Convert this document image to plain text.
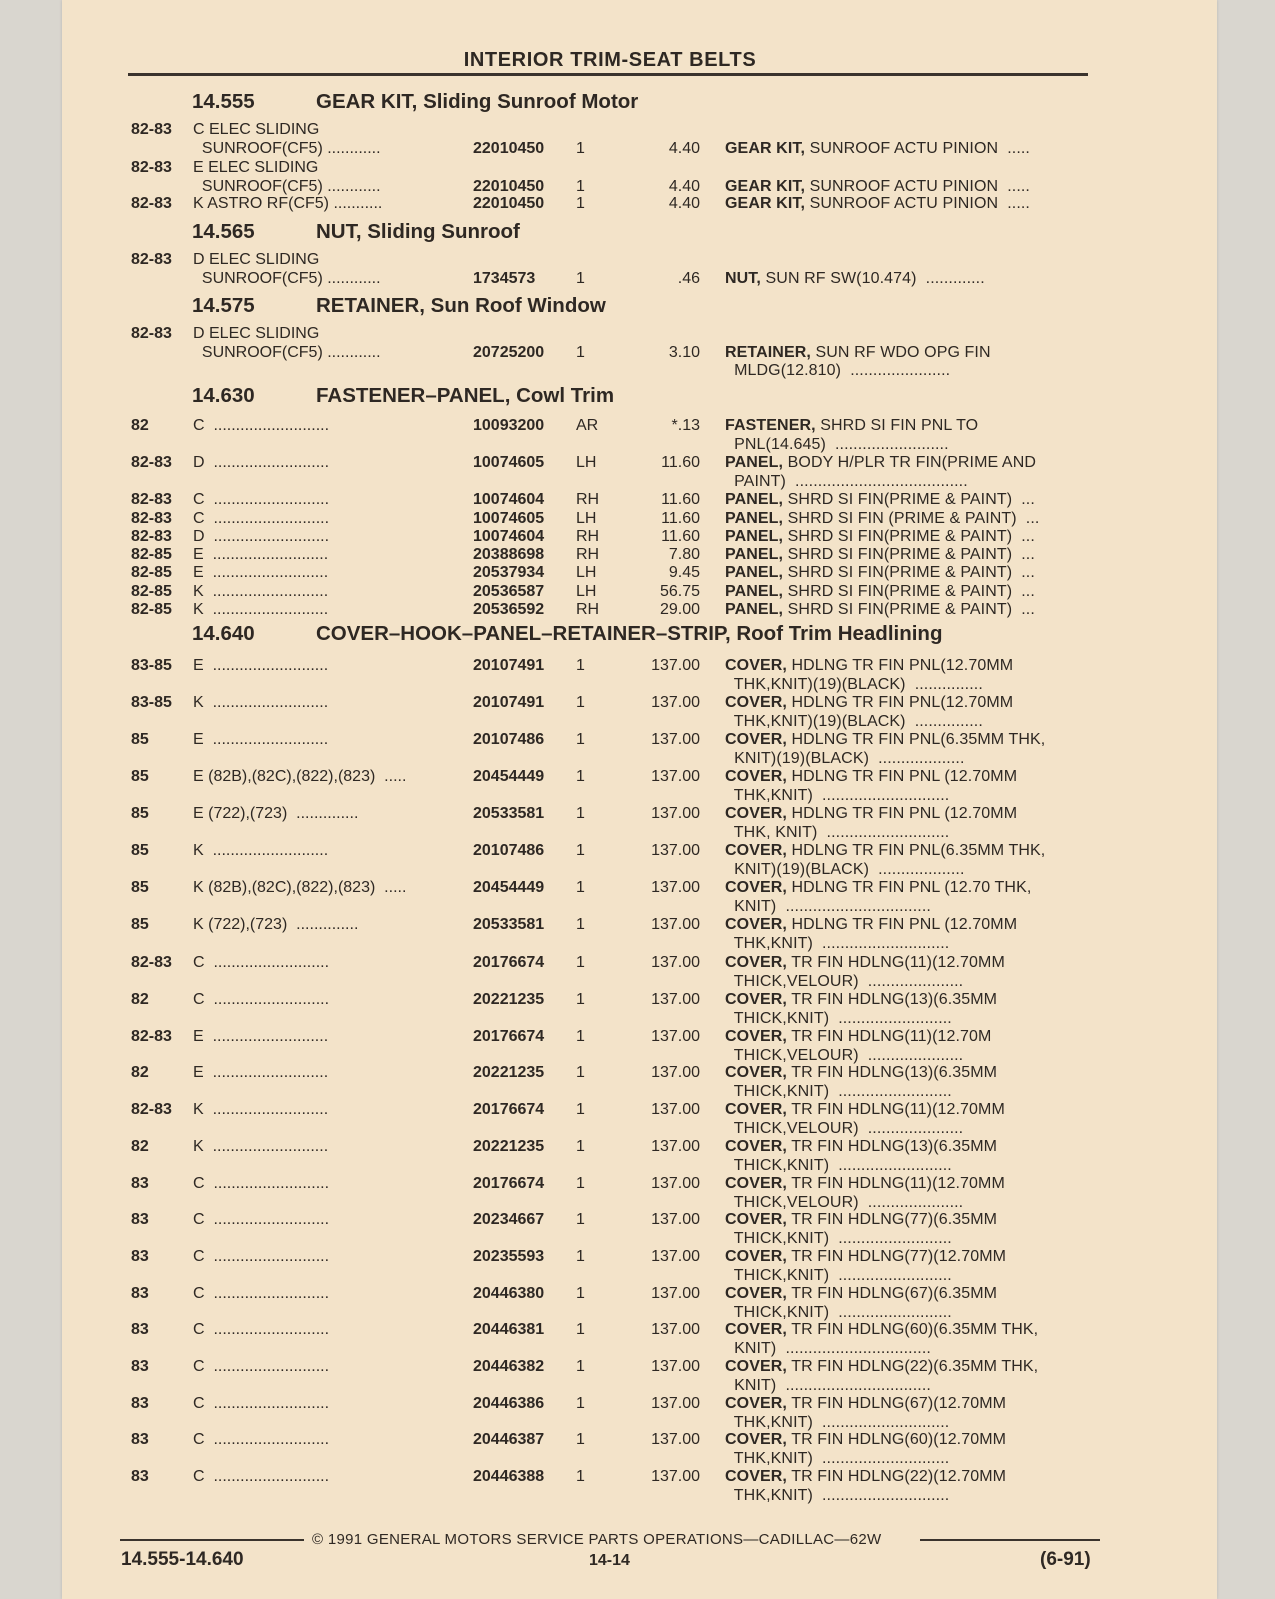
INTERIOR TRIM-SEAT BELTS
14.555	GEAR KIT, Sliding Sunroof Motor
82-83 C ELEC SLIDING
SUNROOF(CF5) ............	22010450 1	4.40 GEAR KIT, SUNROOF ACTU PINION  .....
82-83 E ELEC SLIDING
SUNROOF(CF5) ............	22010450 1	4.40 GEAR KIT, SUNROOF ACTU PINION  .....
82-83 K ASTRO RF(CF5) ...........	22010450 1	4.40 GEAR KIT, SUNROOF ACTU PINION  .....
14.565	NUT, Sliding Sunroof
82-83 D ELEC SLIDING
SUNROOF(CF5) ............	1734573	1	.46 NUT, SUN RF SW(10.474)  .............
14.575	RETAINER, Sun Roof Window
82-83 D ELEC SLIDING
SUNROOF(CF5) ............	20725200 1	3.10 RETAINER, SUN RF WDO OPG FIN
MLDG(12.810)  ......................
14.630	FASTENER–PANEL, Cowl Trim
82	C  ..........................	10093200 AR	*.13 FASTENER, SHRD SI FIN PNL TO
PNL(14.645)  .........................
82-83 D  ..........................	10074605 LH	11.60 PANEL, BODY H/PLR TR FIN(PRIME AND
PAINT)  ......................................
82-83 C  ..........................	10074604 RH	11.60 PANEL, SHRD SI FIN(PRIME & PAINT)  ...
82-83 C  ..........................	10074605 LH	11.60 PANEL, SHRD SI FIN (PRIME & PAINT)  ...
82-83 D  ..........................	10074604 RH	11.60 PANEL, SHRD SI FIN(PRIME & PAINT)  ...
82-85 E  ..........................	20388698 RH	7.80 PANEL, SHRD SI FIN(PRIME & PAINT)  ...
82-85 E  ..........................	20537934 LH	9.45 PANEL, SHRD SI FIN(PRIME & PAINT)  ...
82-85 K  ..........................	20536587 LH	56.75 PANEL, SHRD SI FIN(PRIME & PAINT)  ...
82-85 K  ..........................	20536592 RH	29.00 PANEL, SHRD SI FIN(PRIME & PAINT)  ...
14.640	COVER–HOOK–PANEL–RETAINER–STRIP, Roof Trim Headlining
83-85 E  ..........................	20107491 1	137.00 COVER, HDLNG TR FIN PNL(12.70MM
THK,KNIT)(19)(BLACK)  ...............
83-85 K  ..........................	20107491 1	137.00 COVER, HDLNG TR FIN PNL(12.70MM
THK,KNIT)(19)(BLACK)  ...............
85	E  ..........................	20107486 1	137.00 COVER, HDLNG TR FIN PNL(6.35MM THK,
KNIT)(19)(BLACK)  ...................
85	E (82B),(82C),(822),(823)  .....	20454449 1	137.00 COVER, HDLNG TR FIN PNL (12.70MM
THK,KNIT)  ............................
85	E (722),(723)  ..............	20533581 1	137.00 COVER, HDLNG TR FIN PNL (12.70MM
THK, KNIT)  ...........................
85	K  ..........................	20107486 1	137.00 COVER, HDLNG TR FIN PNL(6.35MM THK,
KNIT)(19)(BLACK)  ...................
85	K (82B),(82C),(822),(823)  .....	20454449 1	137.00 COVER, HDLNG TR FIN PNL (12.70 THK,
KNIT)  ................................
85	K (722),(723)  ..............	20533581 1	137.00 COVER, HDLNG TR FIN PNL (12.70MM
THK,KNIT)  ............................
82-83 C  ..........................	20176674 1	137.00 COVER, TR FIN HDLNG(11)(12.70MM
THICK,VELOUR)  .....................
82	C  ..........................	20221235 1	137.00 COVER, TR FIN HDLNG(13)(6.35MM
THICK,KNIT)  .........................
82-83 E  ..........................	20176674 1	137.00 COVER, TR FIN HDLNG(11)(12.70M
THICK,VELOUR)  .....................
82	E  ..........................	20221235 1	137.00 COVER, TR FIN HDLNG(13)(6.35MM
THICK,KNIT)  .........................
82-83 K  ..........................	20176674 1	137.00 COVER, TR FIN HDLNG(11)(12.70MM
THICK,VELOUR)  .....................
82	K  ..........................	20221235 1	137.00 COVER, TR FIN HDLNG(13)(6.35MM
THICK,KNIT)  .........................
83	C  ..........................	20176674 1	137.00 COVER, TR FIN HDLNG(11)(12.70MM
THICK,VELOUR)  .....................
83	C  ..........................	20234667 1	137.00 COVER, TR FIN HDLNG(77)(6.35MM
THICK,KNIT)  .........................
83	C  ..........................	20235593 1	137.00 COVER, TR FIN HDLNG(77)(12.70MM
THICK,KNIT)  .........................
83	C  ..........................	20446380 1	137.00 COVER, TR FIN HDLNG(67)(6.35MM
THICK,KNIT)  .........................
83	C  ..........................	20446381 1	137.00 COVER, TR FIN HDLNG(60)(6.35MM THK,
KNIT)  ................................
83	C  ..........................	20446382 1	137.00 COVER, TR FIN HDLNG(22)(6.35MM THK,
KNIT)  ................................
83	C  ..........................	20446386 1	137.00 COVER, TR FIN HDLNG(67)(12.70MM
THK,KNIT)  ............................
83	C  ..........................	20446387 1	137.00 COVER, TR FIN HDLNG(60)(12.70MM
THK,KNIT)  ............................
83	C  ..........................	20446388 1	137.00 COVER, TR FIN HDLNG(22)(12.70MM
THK,KNIT)  ............................
© 1991 GENERAL MOTORS SERVICE PARTS OPERATIONS—CADILLAC—62W
14.555-14.640	14-14	(6-91)
